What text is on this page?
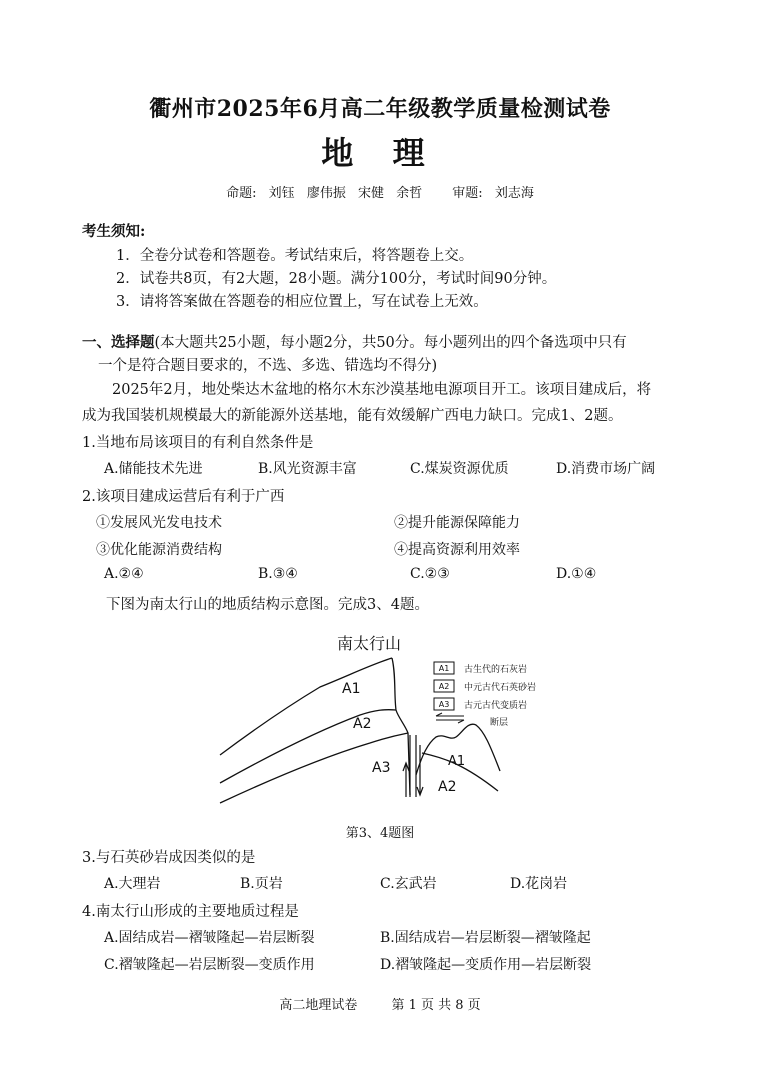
衢州市2025年6月高二年级教学质量检测试卷
地 理
命题: 刘钰 廖伟振 宋健 余哲 审题: 刘志海
考生须知:
1．全卷分试卷和答题卷。考试结束后，将答题卷上交。
2．试卷共8页，有2大题，28小题。满分100分，考试时间90分钟。
3．请将答案做在答题卷的相应位置上，写在试卷上无效。
一、选择题(本大题共25小题，每小题2分，共50分。每小题列出的四个备选项中只有
一个是符合题目要求的，不选、多选、错选均不得分)
2025年2月，地处柴达木盆地的格尔木东沙漠基地电源项目开工。该项目建成后，将
成为我国装机规模最大的新能源外送基地，能有效缓解广西电力缺口。完成1、2题。
1.当地布局该项目的有利自然条件是
A.储能技术先进	B.风光资源丰富	C.煤炭资源优质	D.消费市场广阔
2.该项目建成运营后有利于广西
①发展风光发电技术	②提升能源保障能力
③优化能源消费结构	④提高资源利用效率
A.②④	B.③④	C.②③	D.①④
下图为南太行山的地质结构示意图。完成3、4题。
南太行山
A1
A2
A3	A1
A2
A1 古生代的石灰岩
A2 中元古代石英砂岩
A3 古元古代变质岩
断层
第3、4题图
3.与石英砂岩成因类似的是
A.大理岩	B.页岩	C.玄武岩	D.花岗岩
4.南太行山形成的主要地质过程是
A.固结成岩—褶皱隆起—岩层断裂	B.固结成岩—岩层断裂—褶皱隆起
C.褶皱隆起—岩层断裂—变质作用	D.褶皱隆起—变质作用—岩层断裂
高二地理试卷	第 1 页 共 8 页
